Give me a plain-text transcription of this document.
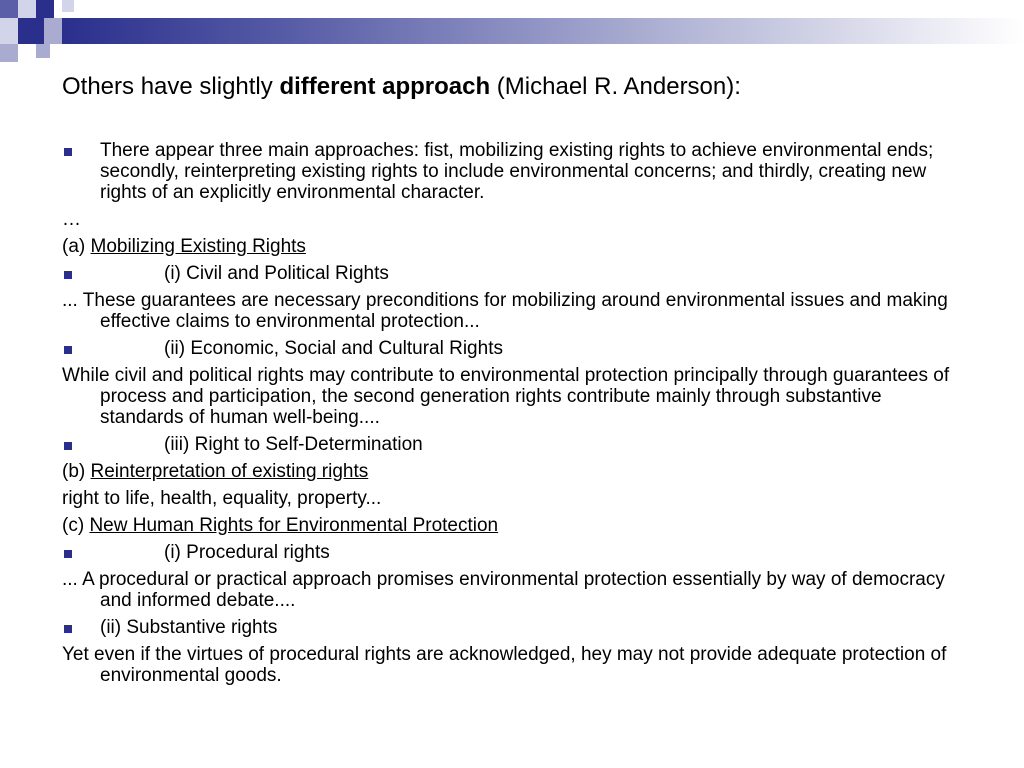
Others have slightly different approach (Michael R. Anderson):
There appear three main approaches: fist, mobilizing existing rights to achieve environmental ends; secondly, reinterpreting existing rights to include environmental concerns; and thirdly, creating new rights of an explicitly environmental character.
…
(a) Mobilizing Existing Rights
(i) Civil and Political Rights
... These guarantees are necessary preconditions for mobilizing around environmental issues and making effective claims to environmental protection...
(ii) Economic, Social and Cultural Rights
While civil and political rights may contribute to environmental protection principally through guarantees of process and participation, the second generation rights contribute mainly through substantive standards of human well-being....
(iii) Right to Self-Determination
(b) Reinterpretation of existing rights
right to life, health, equality, property...
(c) New Human Rights for Environmental Protection
(i) Procedural rights
... A procedural or practical approach promises environmental protection essentially by way of democracy and informed debate....
(ii) Substantive rights
Yet even if the virtues of procedural rights are acknowledged, hey may not provide adequate protection of environmental goods.
